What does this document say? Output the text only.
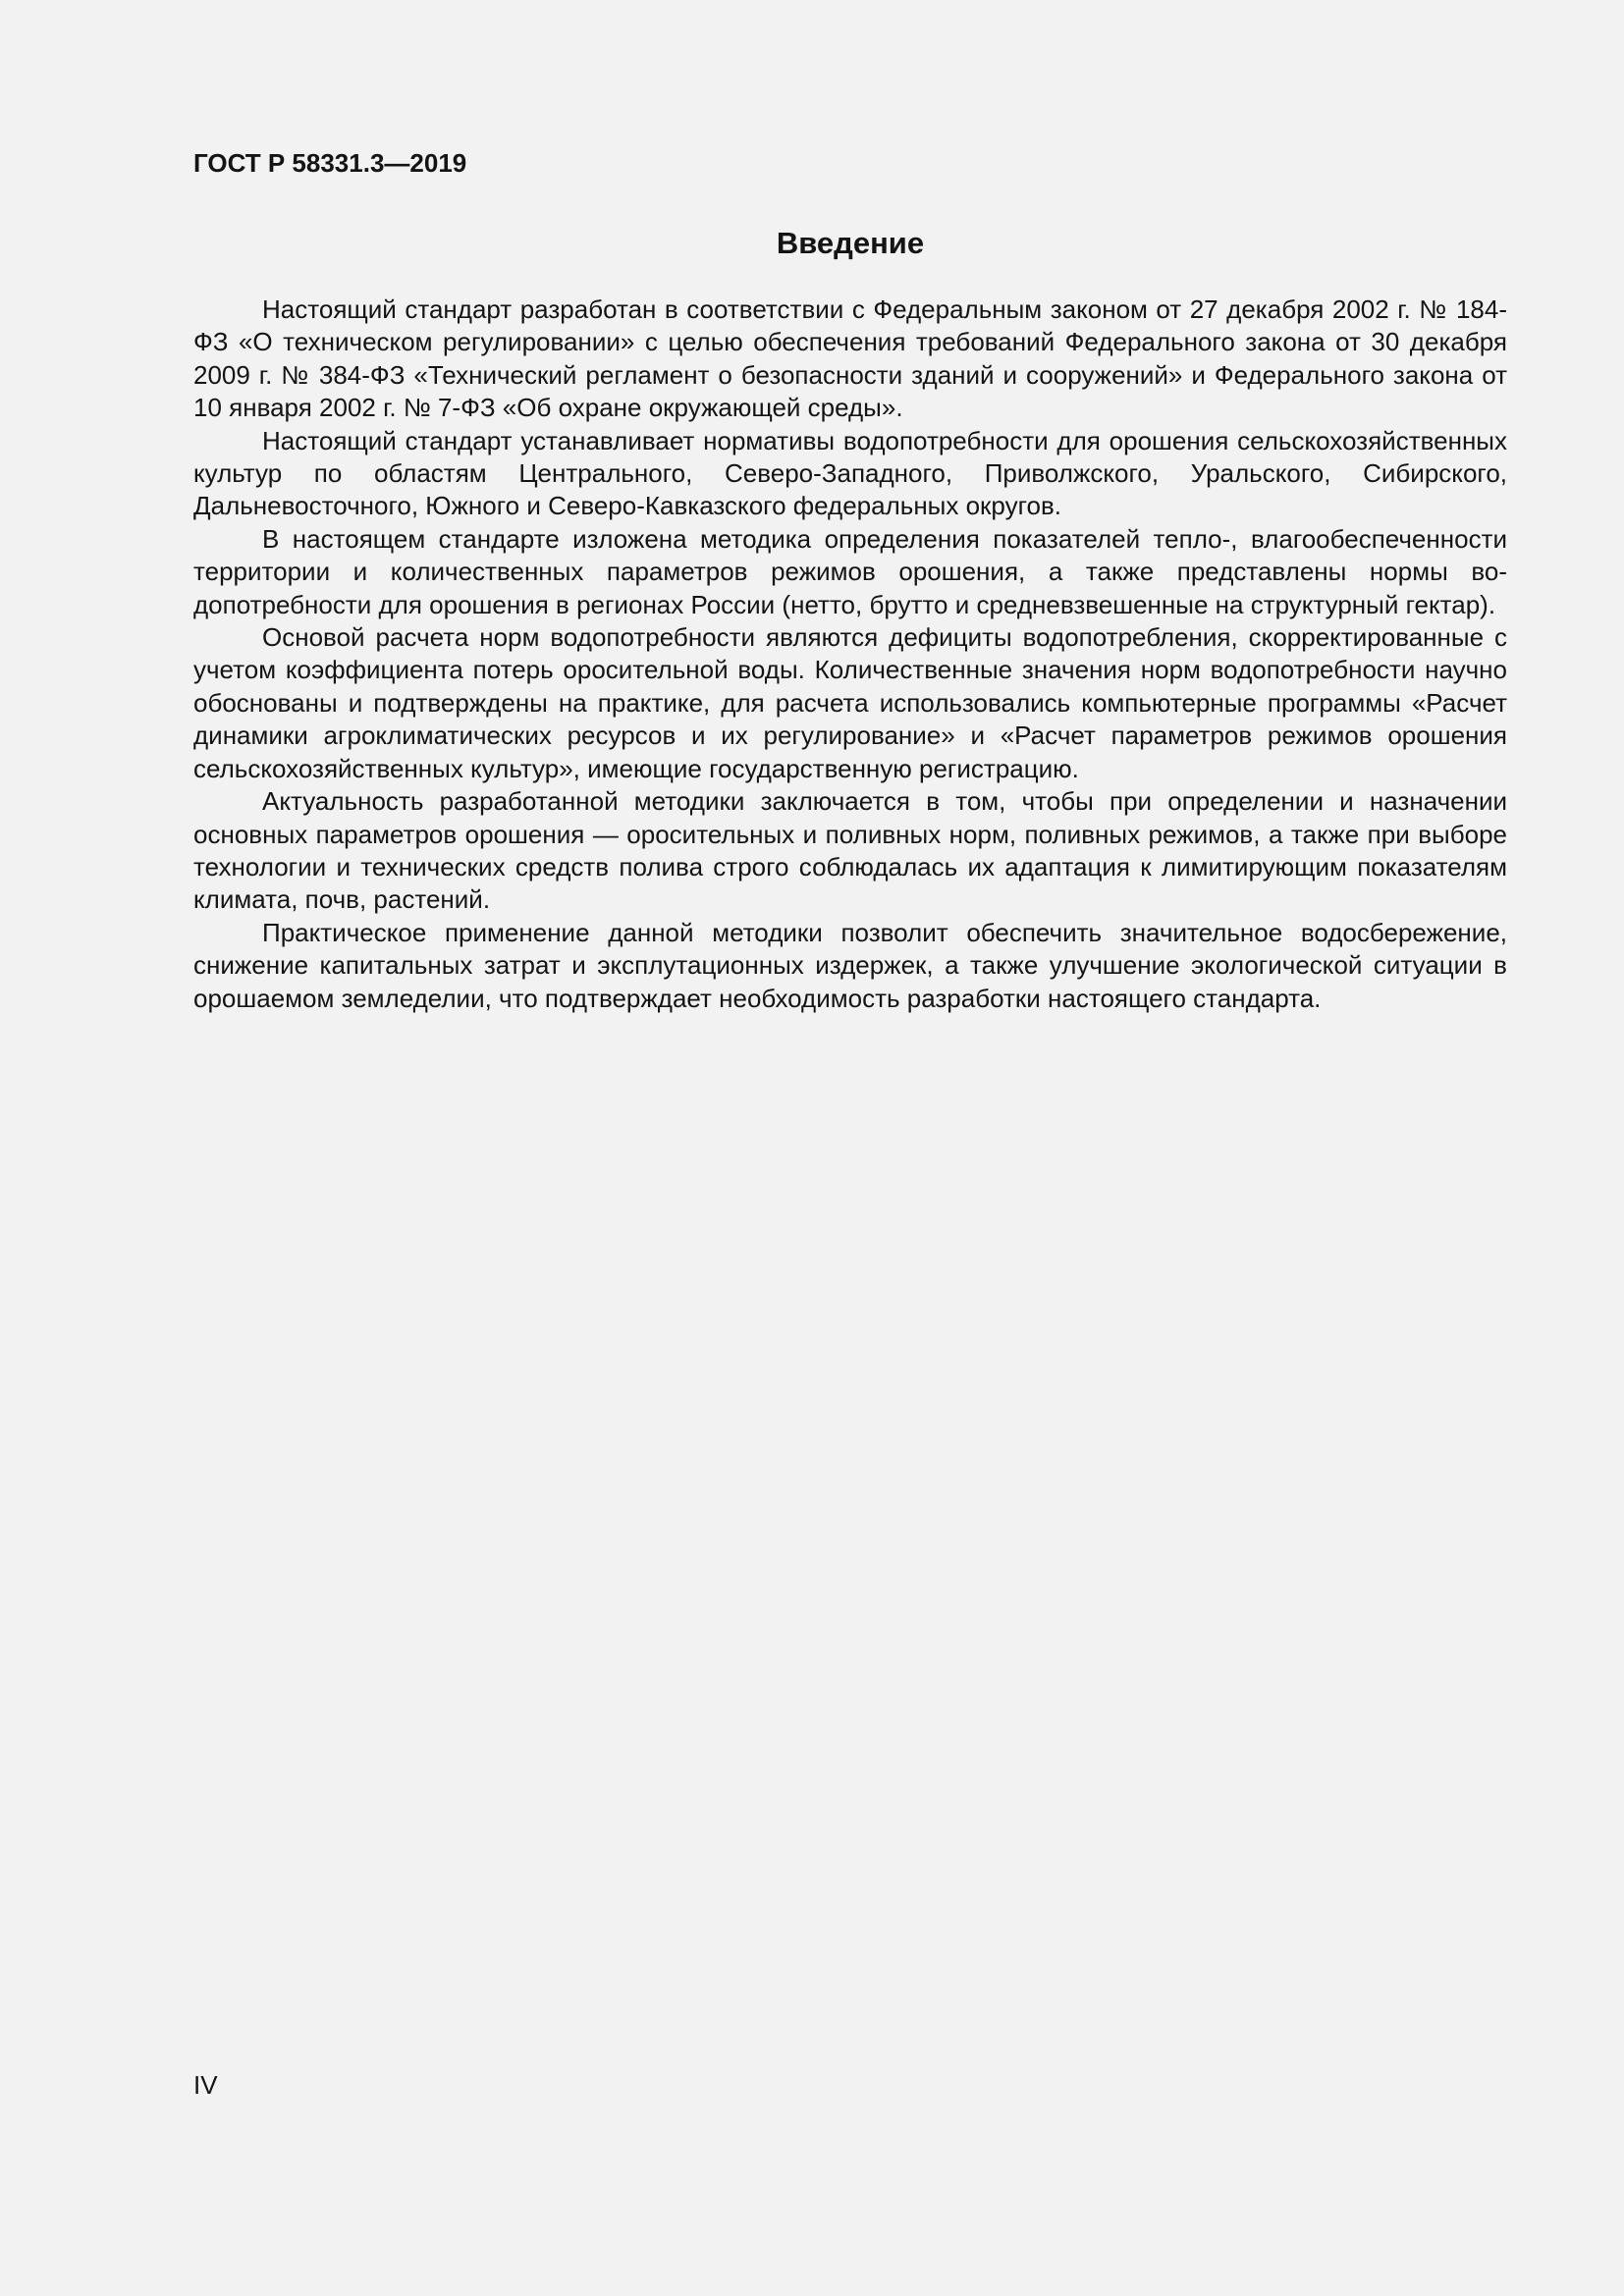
ГОСТ Р 58331.3—2019

Введение

Настоящий стандарт разработан в соответствии с Федеральным законом от 27 декабря 2002 г. № 184-ФЗ «О техническом регулировании» с целью обеспечения требований Федерального закона от 30 декабря 2009 г. № 384-ФЗ «Технический регламент о безопасности зданий и сооружений» и Федерального закона от 10 января 2002 г. № 7-ФЗ «Об охране окружающей среды».

Настоящий стандарт устанавливает нормативы водопотребности для орошения сельскохозяйственных культур по областям Центрального, Северо-Западного, Приволжского, Уральского, Сибирского, Дальневосточного, Южного и Северо-Кавказского федеральных округов.

В настоящем стандарте изложена методика определения показателей тепло-, влагообеспеченности территории и количественных параметров режимов орошения, а также представлены нормы водопотребности для орошения в регионах России (нетто, брутто и средневзвешенные на структурный гектар).

Основой расчета норм водопотребности являются дефициты водопотребления, скорректированные с учетом коэффициента потерь оросительной воды. Количественные значения норм водопотребности научно обоснованы и подтверждены на практике, для расчета использовались компьютерные программы «Расчет динамики агроклиматических ресурсов и их регулирование» и «Расчет параметров режимов орошения сельскохозяйственных культур», имеющие государственную регистрацию.

Актуальность разработанной методики заключается в том, чтобы при определении и назначении основных параметров орошения — оросительных и поливных норм, поливных режимов, а также при выборе технологии и технических средств полива строго соблюдалась их адаптация к лимитирующим показателям климата, почв, растений.

Практическое применение данной методики позволит обеспечить значительное водосбережение, снижение капитальных затрат и эксплутационных издержек, а также улучшение экологической ситуации в орошаемом земледелии, что подтверждает необходимость разработки настоящего стандарта.

IV
